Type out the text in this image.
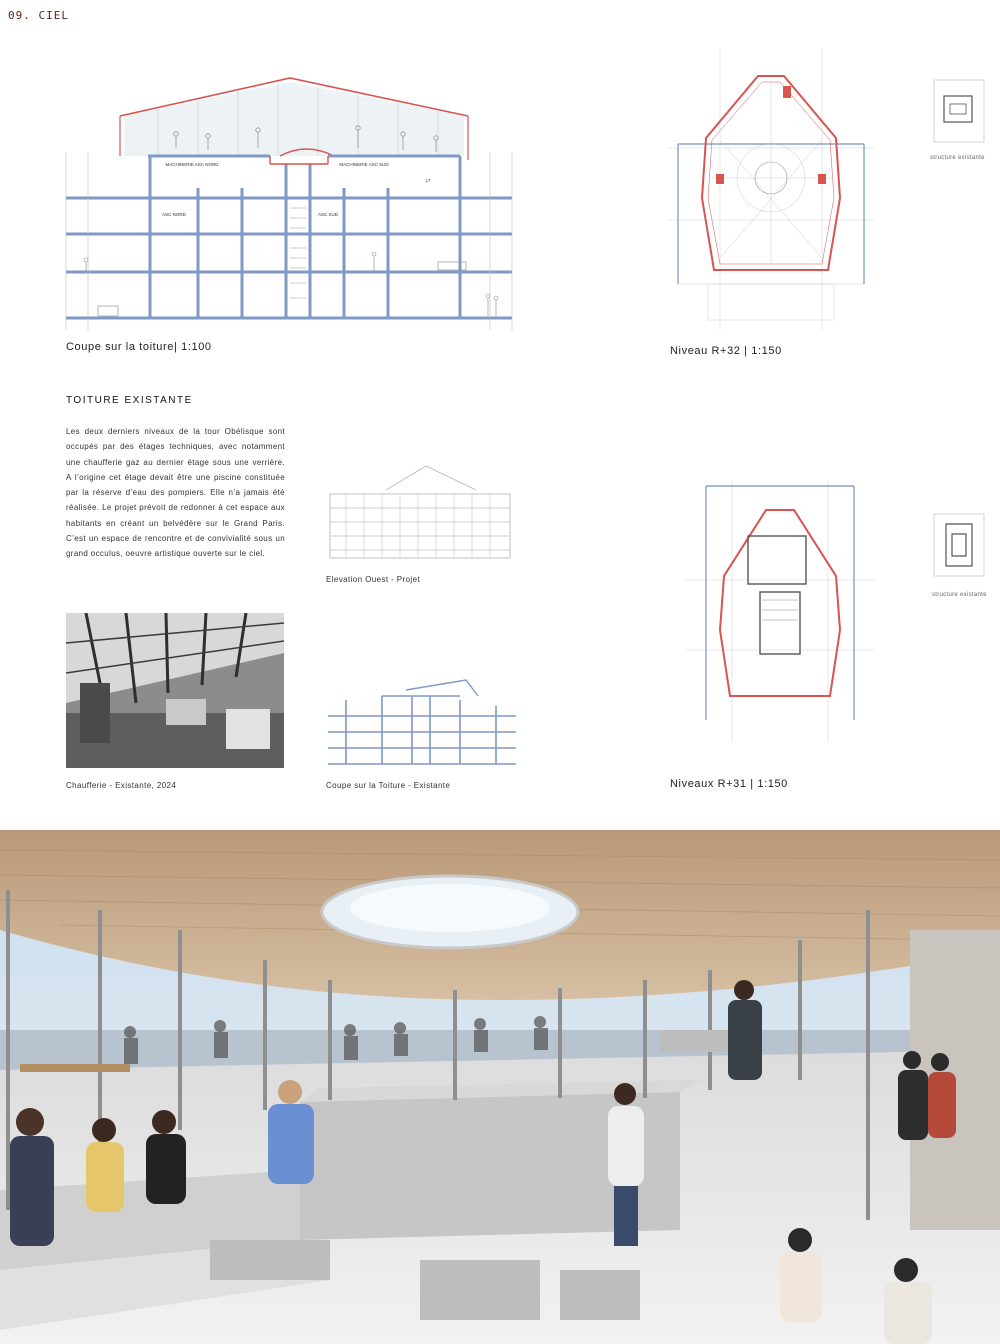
09. CIEL
MACHINERIE ASC NORD	MACHINERIE ASC SUD
ASC NORD	ASC SUD
LT
Coupe sur la toiture| 1:100
structure existante
Niveau R+32 | 1:150
TOITURE EXISTANTE
Les deux derniers niveaux de la tour Obélisque sont occupés par des étages techniques, avec notamment une chaufferie gaz au dernier étage sous une verrière. A l’origine cet étage devait être une piscine constituée par la réserve d’eau des pompiers. Elle n’a jamais été réalisée. Le projet prévoit de redonner à cet espace aux habitants en créant un belvédère sur le Grand Paris. C’est un espace de rencontre et de convivialité sous un grand occulus, oeuvre artistique ouverte sur le ciel.
Elevation Ouest - Projet
structure existante
Niveaux R+31 | 1:150
Chaufferie - Existante, 2024	Coupe sur la Toiture - Existante
